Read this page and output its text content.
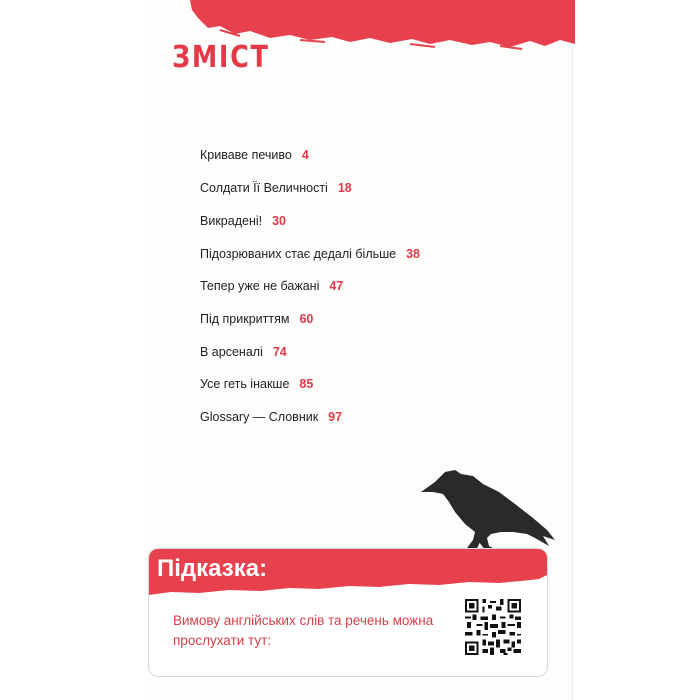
ЗМІСТ
Криваве печиво 4
Солдати Її Величності 18
Викрадені! 30
Підозрюваних стає дедалі більше 38
Тепер уже не бажані 47
Під прикриттям 60
В арсеналі 74
Усе геть інакше 85
Glossary — Словник 97
Підказка:
Вимову англійських слів та речень можна прослухати тут:
